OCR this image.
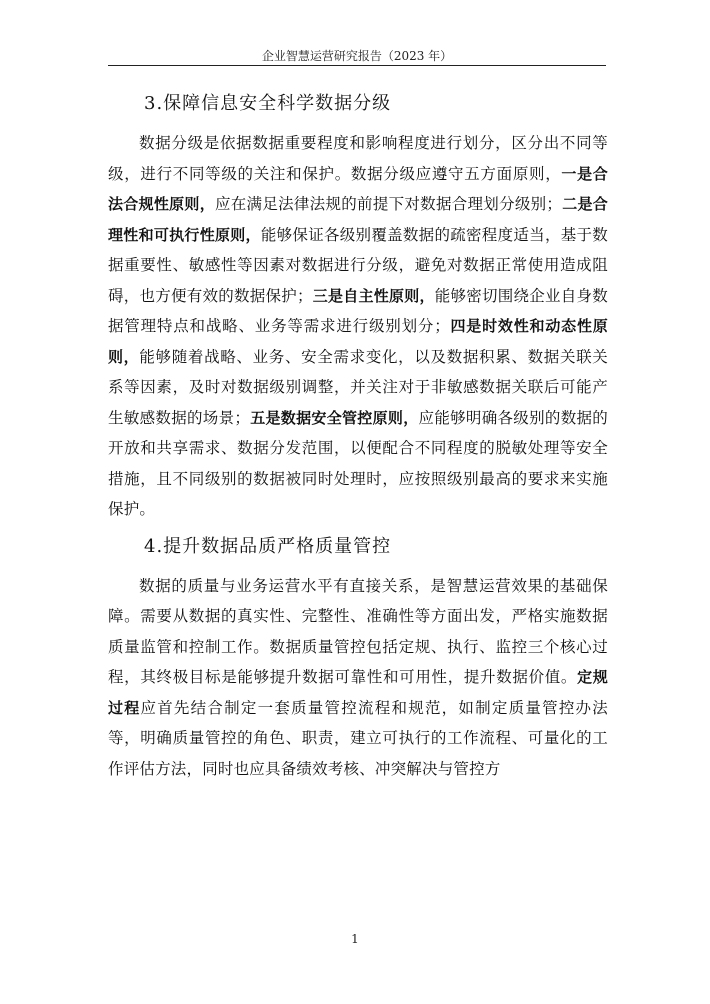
企业智慧运营研究报告（2023 年）
3.保障信息安全科学数据分级

数据分级是依据数据重要程度和影响程度进行划分，区分出不同等级，进行不同等级的关注和保护。数据分级应遵守五方面原则，一是合法合规性原则，应在满足法律法规的前提下对数据合理划分级别；二是合理性和可执行性原则，能够保证各级别覆盖数据的疏密程度适当，基于数据重要性、敏感性等因素对数据进行分级，避免对数据正常使用造成阻碍，也方便有效的数据保护；三是自主性原则，能够密切围绕企业自身数据管理特点和战略、业务等需求进行级别划分；四是时效性和动态性原则，能够随着战略、业务、安全需求变化，以及数据积累、数据关联关系等因素，及时对数据级别调整，并关注对于非敏感数据关联后可能产生敏感数据的场景；五是数据安全管控原则，应能够明确各级别的数据的开放和共享需求、数据分发范围，以便配合不同程度的脱敏处理等安全措施，且不同级别的数据被同时处理时，应按照级别最高的要求来实施保护。

4.提升数据品质严格质量管控

数据的质量与业务运营水平有直接关系，是智慧运营效果的基础保障。需要从数据的真实性、完整性、准确性等方面出发，严格实施数据质量监管和控制工作。数据质量管控包括定规、执行、监控三个核心过程，其终极目标是能够提升数据可靠性和可用性，提升数据价值。定规过程应首先结合制定一套质量管控流程和规范，如制定质量管控办法等，明确质量管控的角色、职责，建立可执行的工作流程、可量化的工作评估方法，同时也应具备绩效考核、冲突解决与管控方

1
